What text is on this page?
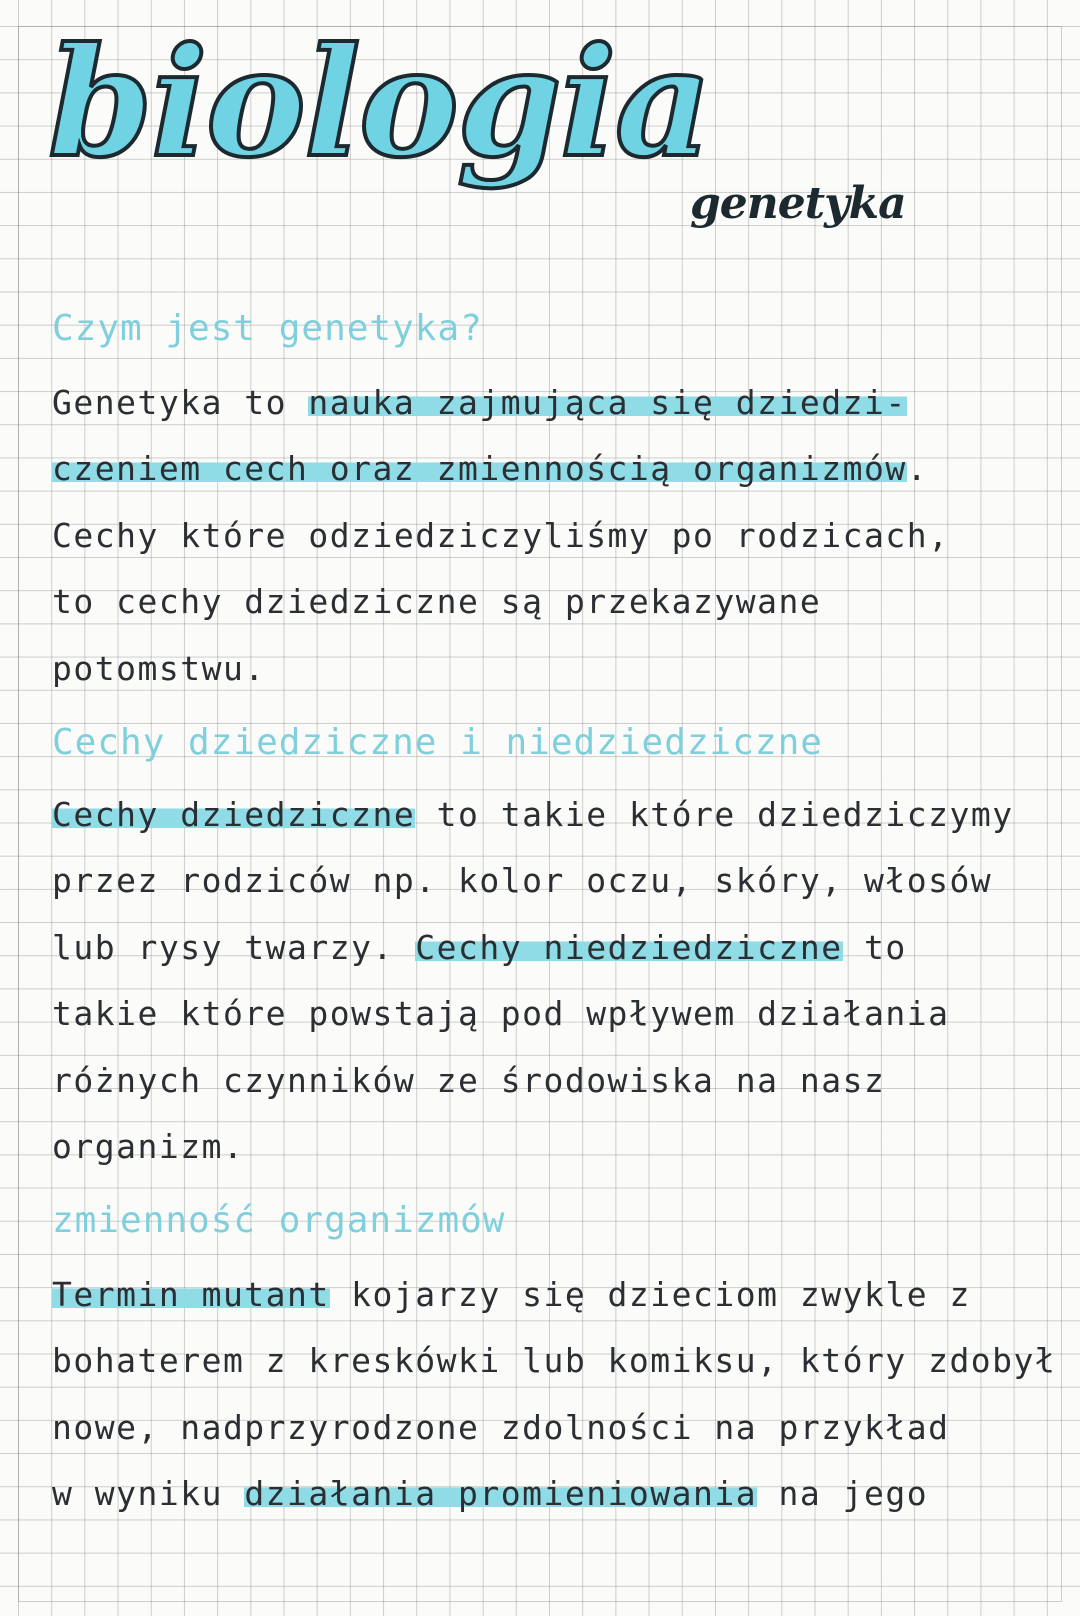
biologia
genetyka
Czym jest genetyka?
Genetyka to nauka zajmująca się dziedzi-
czeniem cech oraz zmiennością organizmów.
Cechy które odziedziczyliśmy po rodzicach,
to cechy dziedziczne są przekazywane
potomstwu.
Cechy dziedziczne i niedziedziczne
Cechy dziedziczne to takie które dziedziczymy
przez rodziców np. kolor oczu, skóry, włosów
lub rysy twarzy. Cechy niedziedziczne to
takie które powstają pod wpływem działania
różnych czynników ze środowiska na nasz
organizm.
zmienność organizmów
Termin mutant kojarzy się dzieciom zwykle z
bohaterem z kreskówki lub komiksu, który zdobył
nowe, nadprzyrodzone zdolności na przykład
w wyniku działania promieniowania na jego
